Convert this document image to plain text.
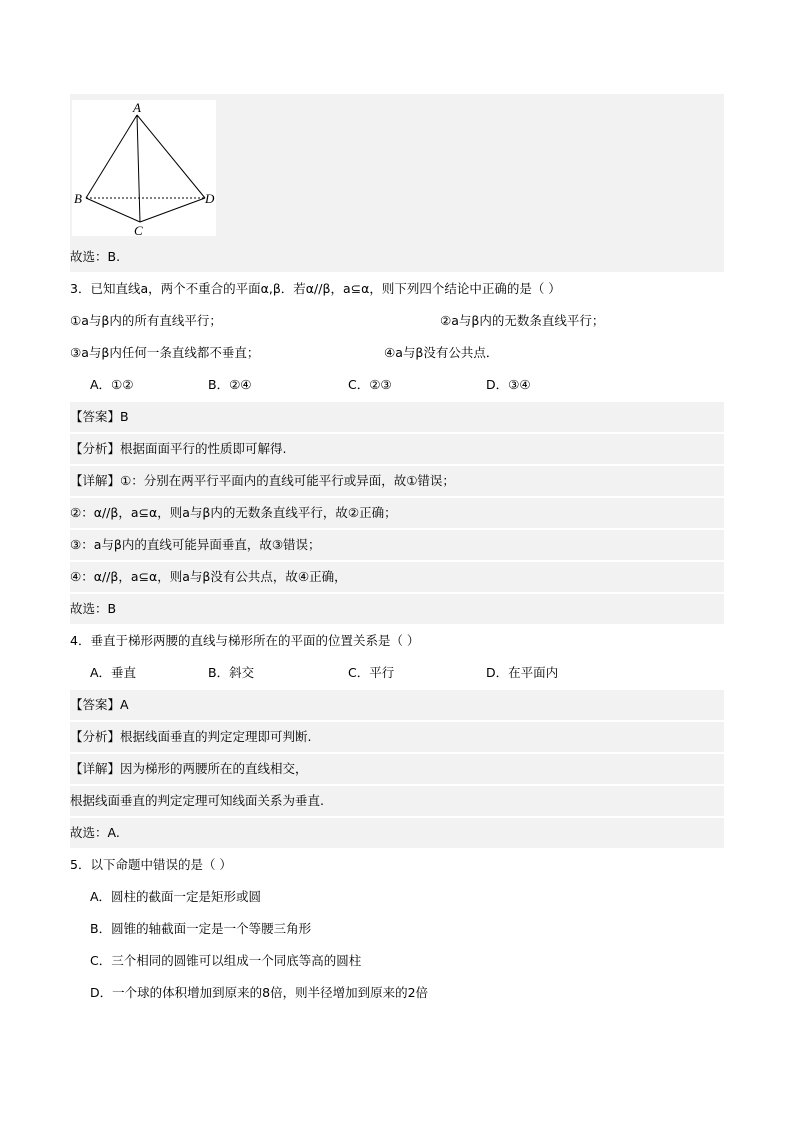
A
B
C
D
故选：B.
3．已知直线a，两个不重合的平面α,β．若α//β，a⊆α，则下列四个结论中正确的是（ ）
①a与β内的所有直线平行；	②a与β内的无数条直线平行；
③a与β内任何一条直线都不垂直；	④a与β没有公共点．
A．①②	B．②④	C．②③	D．③④
【答案】B
【分析】根据面面平行的性质即可解得.
【详解】①：分别在两平行平面内的直线可能平行或异面，故①错误；
②：α//β，a⊆α，则a与β内的无数条直线平行，故②正确；
③：a与β内的直线可能异面垂直，故③错误；
④：α//β，a⊆α，则a与β没有公共点，故④正确，
故选：B
4．垂直于梯形两腰的直线与梯形所在的平面的位置关系是（ ）
A．垂直	B．斜交	C．平行	D．在平面内
【答案】A
【分析】根据线面垂直的判定定理即可判断.
【详解】因为梯形的两腰所在的直线相交，
根据线面垂直的判定定理可知线面关系为垂直.
故选：A.
5．以下命题中错误的是（ ）
A．圆柱的截面一定是矩形或圆
B．圆锥的轴截面一定是一个等腰三角形
C．三个相同的圆锥可以组成一个同底等高的圆柱
D．一个球的体积增加到原来的8倍，则半径增加到原来的2倍
